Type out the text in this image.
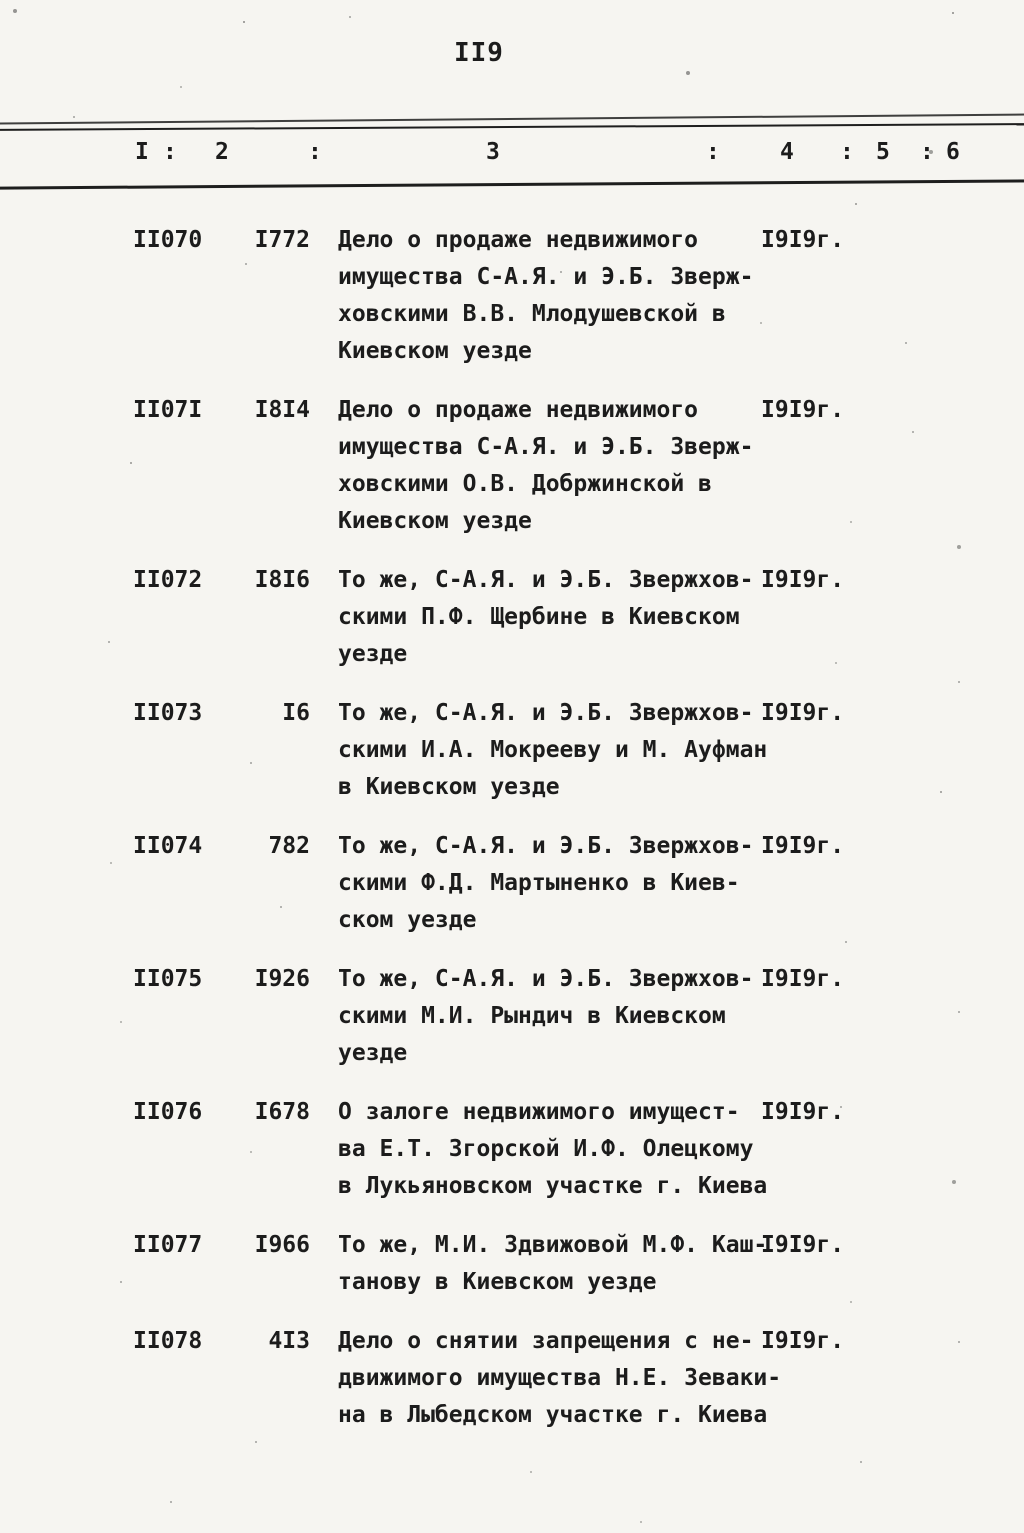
II9
I : 2	:	3	:	4 : 5 : 6
II070	I772 Дело о продаже недвижимого
имущества С-А.Я. и Э.Б. Зверж-
ховскими В.В. Млодушевской в
Киевском уезде
I9I9г.
II07I	I8I4 Дело о продаже недвижимого
имущества С-А.Я. и Э.Б. Зверж-
ховскими О.В. Добржинской в
Киевском уезде
I9I9г.
II072	I8I6 То же, С-А.Я. и Э.Б. Звержхов-
скими П.Ф. Щербине в Киевском
уезде
I9I9г.
II073	I6 То же, С-А.Я. и Э.Б. Звержхов-
скими И.А. Мокрееву и М. Ауфман
в Киевском уезде
I9I9г.
II074	782 То же, С-А.Я. и Э.Б. Звержхов-
скими Ф.Д. Мартыненко в Киев-
ском уезде
I9I9г.
II075	I926 То же, С-А.Я. и Э.Б. Звержхов-
скими М.И. Рындич в Киевском
уезде
I9I9г.
II076	I678 О залоге недвижимого имущест-
ва Е.Т. Згорской И.Ф. Олецкому
в Лукьяновском участке г. Киева
I9I9г.
II077	I966 То же, М.И. Здвижовой М.Ф. Каш-
танову в Киевском уезде
I9I9г.
II078	4I3 Дело о снятии запрещения с не-
движимого имущества Н.Е. Зеваки-
на в Лыбедском участке г. Киева
I9I9г.
